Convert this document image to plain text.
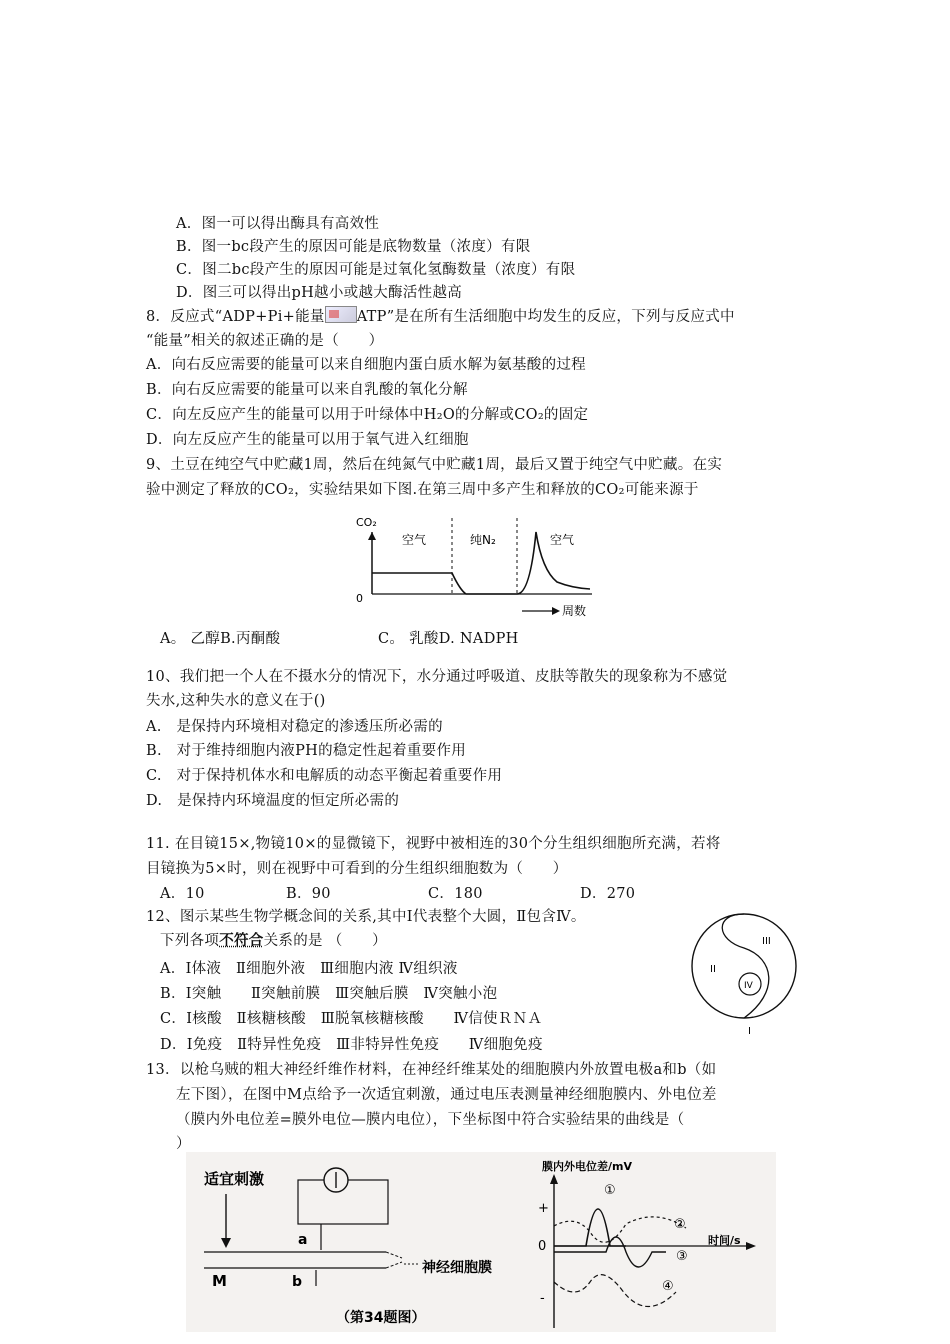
A．图一可以得出酶具有高效性
B．图一bc段产生的原因可能是底物数量（浓度）有限
C．图二bc段产生的原因可能是过氧化氢酶数量（浓度）有限
D．图三可以得出pH越小或越大酶活性越高
8．反应式“ADP+Pi+能量 ATP”是在所有生活细胞中均发生的反应，下列与反应式中
“能量”相关的叙述正确的是（　　）
A．向右反应需要的能量可以来自细胞内蛋白质水解为氨基酸的过程
B．向右反应需要的能量可以来自乳酸的氧化分解
C．向左反应产生的能量可以用于叶绿体中H₂O的分解或CO₂的固定
D．向左反应产生的能量可以用于氧气进入红细胞
9、土豆在纯空气中贮藏1周，然后在纯氮气中贮藏1周，最后又置于纯空气中贮藏。在实
验中测定了释放的CO₂，实验结果如下图.在第三周中多产生和释放的CO₂可能来源于
CO₂
0
空气	纯N₂	空气
周数
A。 乙醇B.丙酮酸	C。 乳酸D. NADPH
10、我们把一个人在不摄水分的情况下，水分通过呼吸道、皮肤等散失的现象称为不感觉
失水,这种失水的意义在于()
A.　是保持内环境相对稳定的渗透压所必需的
B.　对于维持细胞内液PH的稳定性起着重要作用
C.　对于保持机体水和电解质的动态平衡起着重要作用
D.　是保持内环境温度的恒定所必需的
11. 在目镜15×,物镜10×的显微镜下，视野中被相连的30个分生组织细胞所充满，若将
目镜换为5×时，则在视野中可看到的分生组织细胞数为（　　）
A．10	B．90	C．180	D．270
12、图示某些生物学概念间的关系,其中Ⅰ代表整个大圆，Ⅱ包含Ⅳ。
下列各项不符合关系的是 （　　）
A．Ⅰ体液　Ⅱ细胞外液　Ⅲ细胞内液 Ⅳ组织液
B．Ⅰ突触　　Ⅱ突触前膜　Ⅲ突触后膜　Ⅳ突触小泡
C．Ⅰ核酸　Ⅱ核糖核酸　Ⅲ脱氧核糖核酸　　Ⅳ信使ＲＮＡ
D．Ⅰ免疫　Ⅱ特异性免疫　Ⅲ非特异性免疫　　Ⅳ细胞免疫
IV
III
II
I
13．以枪乌贼的粗大神经纤维作材料，在神经纤维某处的细胞膜内外放置电极a和b（如
左下图），在图中M点给予一次适宜刺激，通过电压表测量神经细胞膜内、外电位差
（膜内外电位差=膜外电位—膜内电位），下坐标图中符合实验结果的曲线是（
）
适宜刺激
a
M	b
神经细胞膜
（第34题图）
膜内外电位差/mV
+
0
-
时间/s
①
②
③
④
